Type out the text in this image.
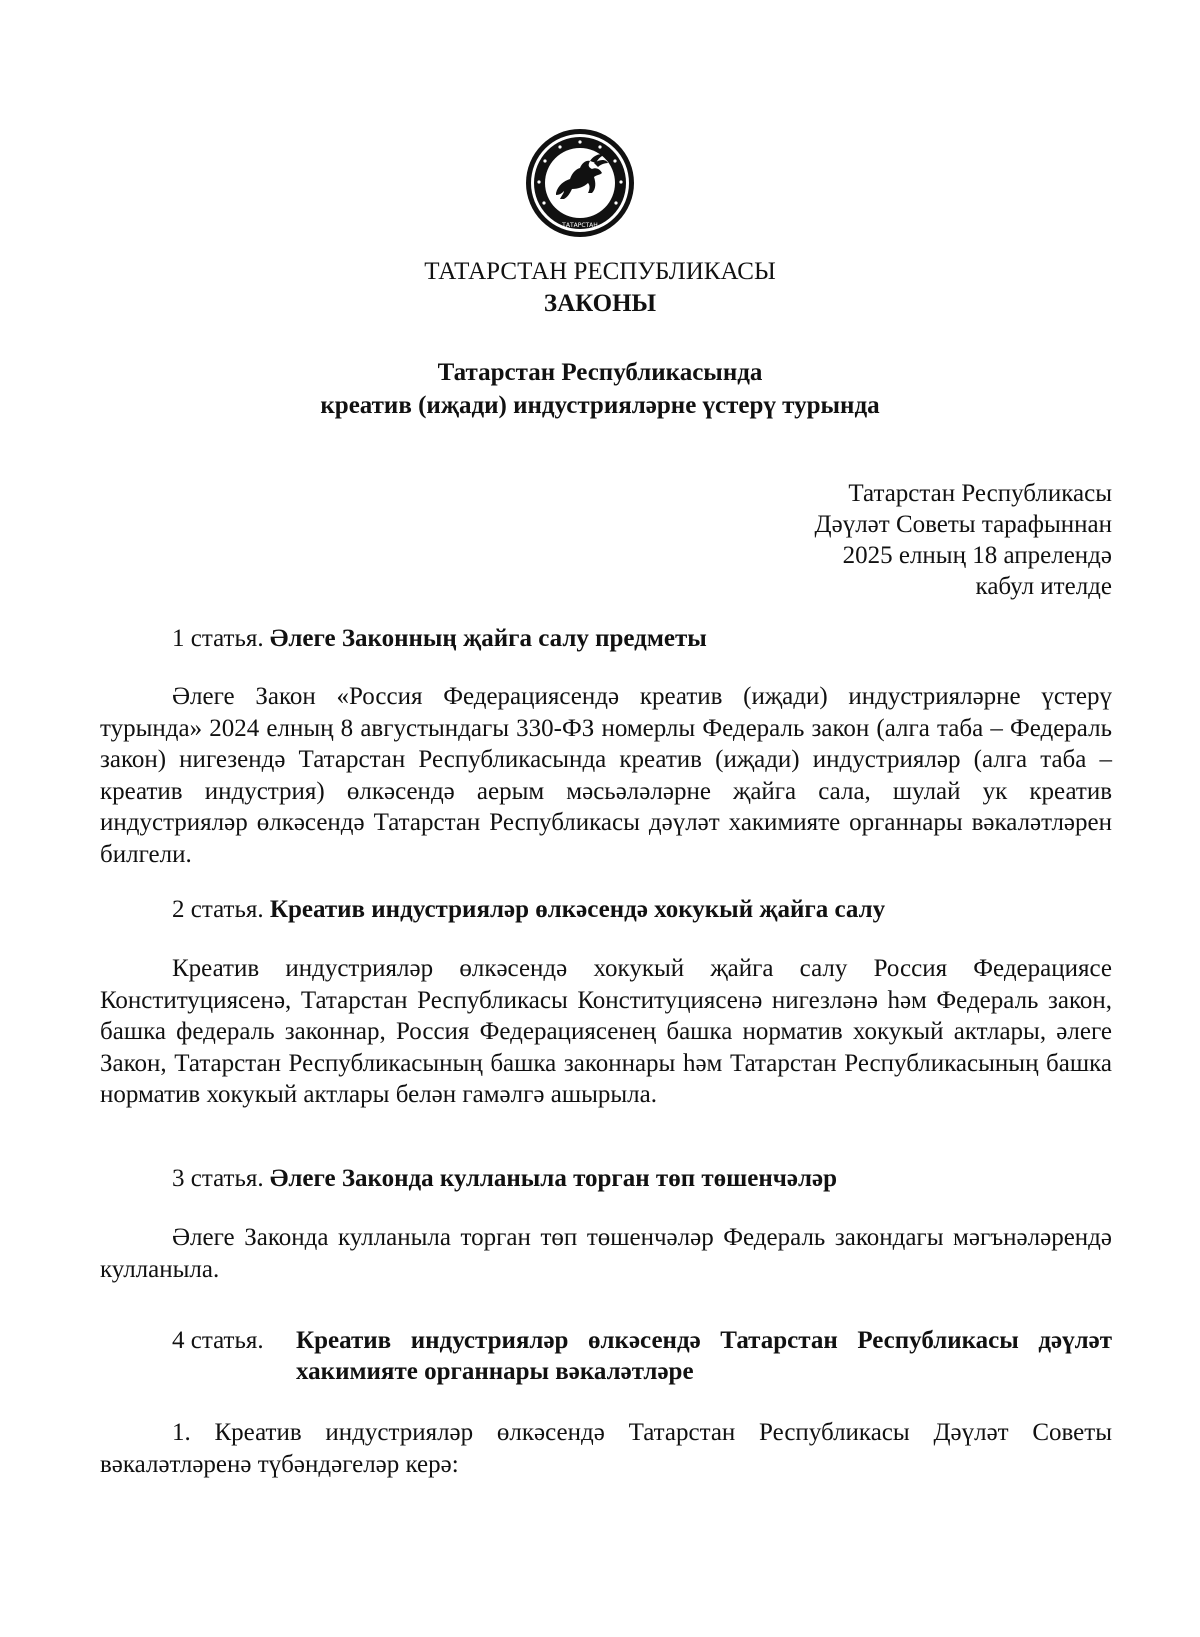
ТАТАРСТАН
ТАТАРСТАН РЕСПУБЛИКАСЫ
ЗАКОНЫ
Татарстан Республикасында
креатив (иҗади) индустрияләрне үстерү турында
Татарстан Республикасы
Дәүләт Советы тарафыннан
2025 елның 18 апрелендә
кабул ителде
1 статья. Әлеге Законның җайга салу предметы
Әлеге Закон «Россия Федерациясендә креатив (иҗади) индустрияләрне үстерү турында» 2024 елның 8 августындагы 330-ФЗ номерлы Федераль закон (алга таба – Федераль закон) нигезендә Татарстан Республикасында креатив (иҗади) индустрияләр (алга таба – креатив индустрия) өлкәсендә аерым мәсьәләләрне җайга сала, шулай ук креатив индустрияләр өлкәсендә Татарстан Республикасы дәүләт хакимияте органнары вәкаләтләрен билгели.
2 статья. Креатив индустрияләр өлкәсендә хокукый җайга салу
Креатив индустрияләр өлкәсендә хокукый җайга салу Россия Федерациясе Конституциясенә, Татарстан Республикасы Конституциясенә нигезләнә һәм Федераль закон, башка федераль законнар, Россия Федерациясенең башка норматив хокукый актлары, әлеге Закон, Татарстан Республикасының башка законнары һәм Татарстан Республикасының башка норматив хокукый актлары белән гамәлгә ашырыла.
3 статья. Әлеге Законда кулланыла торган төп төшенчәләр
Әлеге Законда кулланыла торган төп төшенчәләр Федераль закондагы мәгънәләрендә кулланыла.
4 статья. Креатив индустрияләр өлкәсендә Татарстан Республикасы дәүләт хакимияте органнары вәкаләтләре
1. Креатив индустрияләр өлкәсендә Татарстан Республикасы Дәүләт Советы вәкаләтләренә түбәндәгеләр керә:
